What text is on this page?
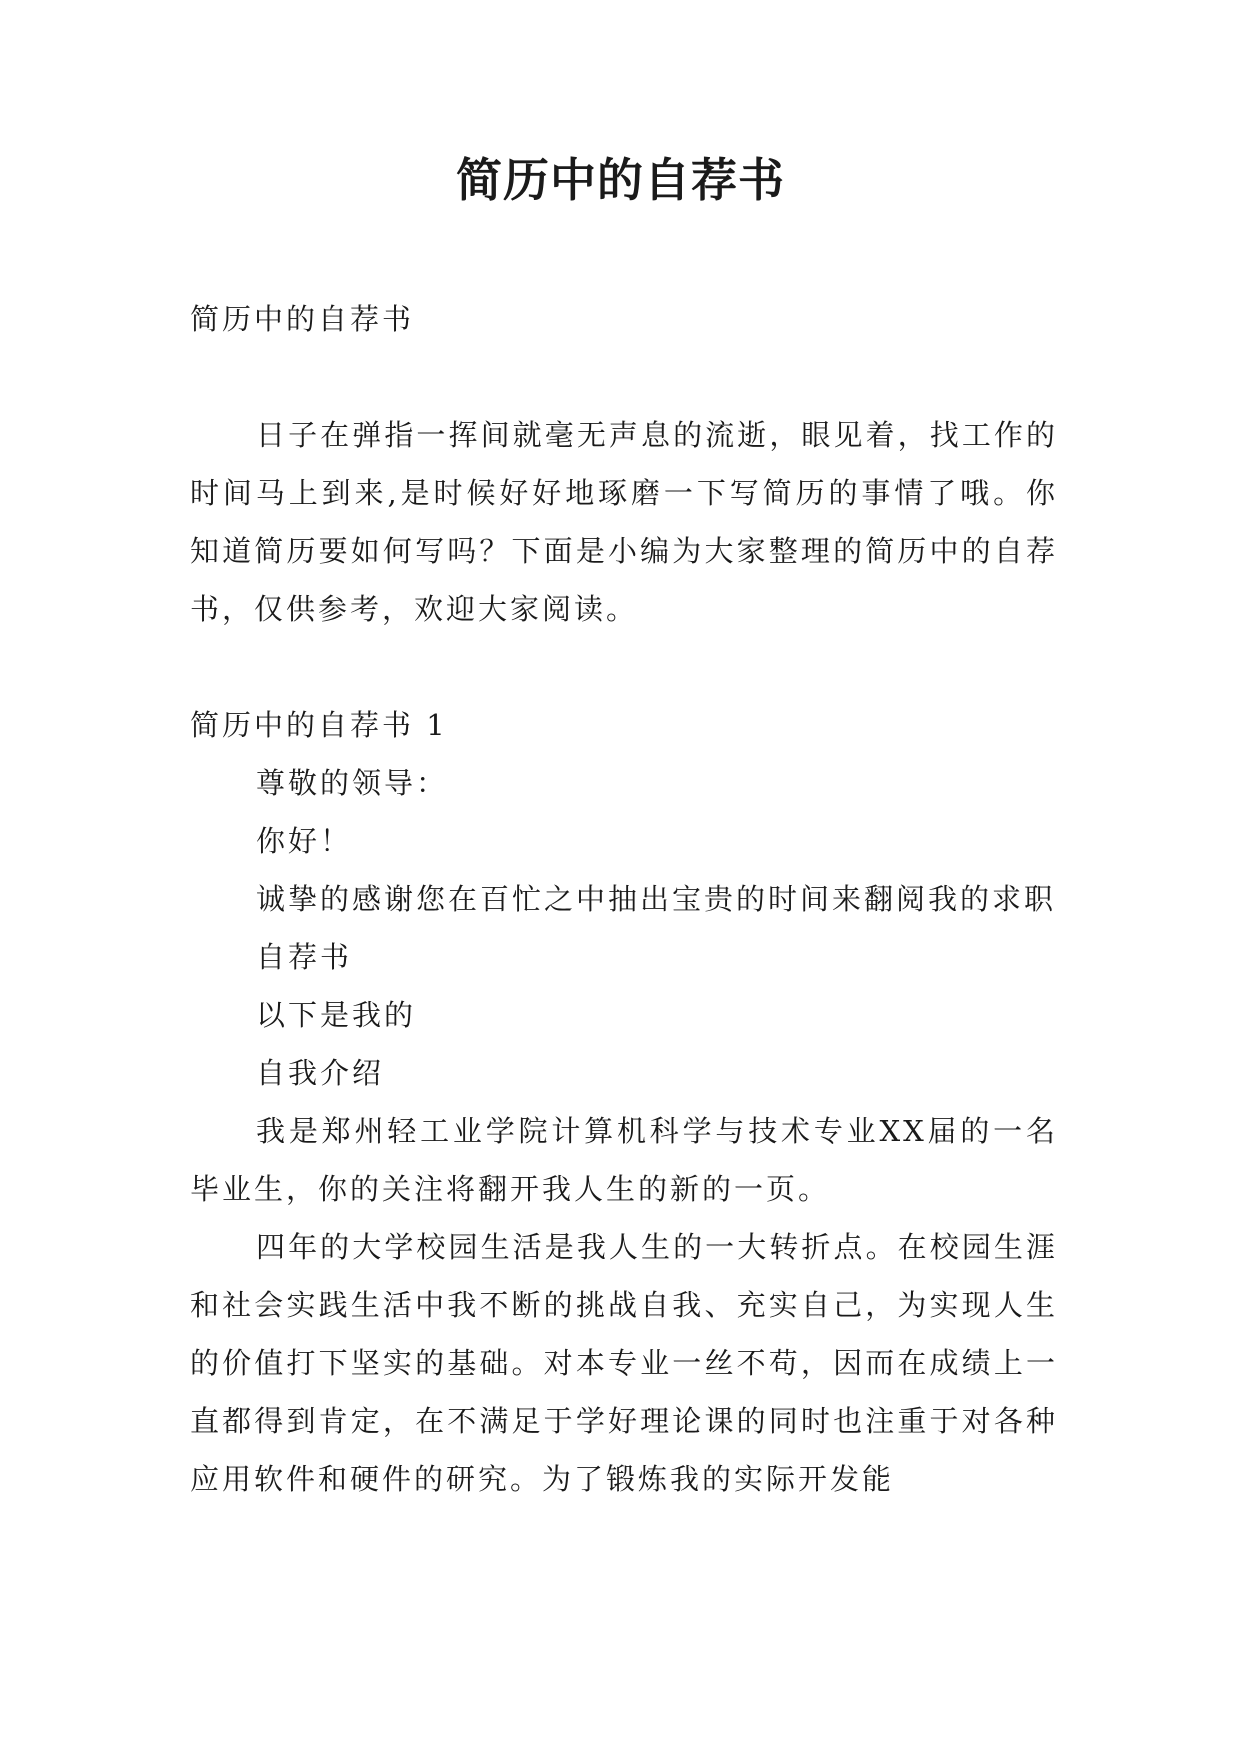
简历中的自荐书

简历中的自荐书

日子在弹指一挥间就毫无声息的流逝，眼见着，找工作的时间马上到来,是时候好好地琢磨一下写简历的事情了哦。你知道简历要如何写吗？下面是小编为大家整理的简历中的自荐书，仅供参考，欢迎大家阅读。

简历中的自荐书 1

尊敬的领导：

你好！

诚挚的感谢您在百忙之中抽出宝贵的时间来翻阅我的求职

自荐书

以下是我的

自我介绍

我是郑州轻工业学院计算机科学与技术专业XX届的一名毕业生，你的关注将翻开我人生的新的一页。

四年的大学校园生活是我人生的一大转折点。在校园生涯和社会实践生活中我不断的挑战自我、充实自己，为实现人生的价值打下坚实的基础。对本专业一丝不苟，因而在成绩上一直都得到肯定，在不满足于学好理论课的同时也注重于对各种应用软件和硬件的研究。为了锻炼我的实际开发能
